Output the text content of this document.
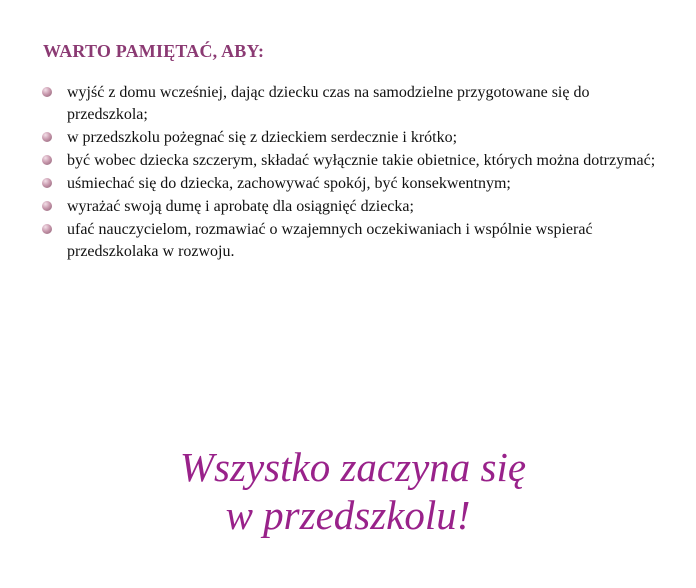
WARTO PAMIĘTAĆ, ABY:
wyjść z domu wcześniej, dając dziecku czas na samodzielne przygotowane się do przedszkola;
w przedszkolu pożegnać się z dzieckiem serdecznie i krótko;
być wobec dziecka szczerym, składać wyłącznie takie obietnice, których można dotrzymać;
uśmiechać się do dziecka, zachowywać spokój, być konsekwentnym;
wyrażać swoją dumę i aprobatę dla osiągnięć dziecka;
ufać nauczycielom, rozmawiać o wzajemnych oczekiwaniach i wspólnie wspierać przedszkolaka w rozwoju.

Wszystko zaczyna się
w przedszkolu!
